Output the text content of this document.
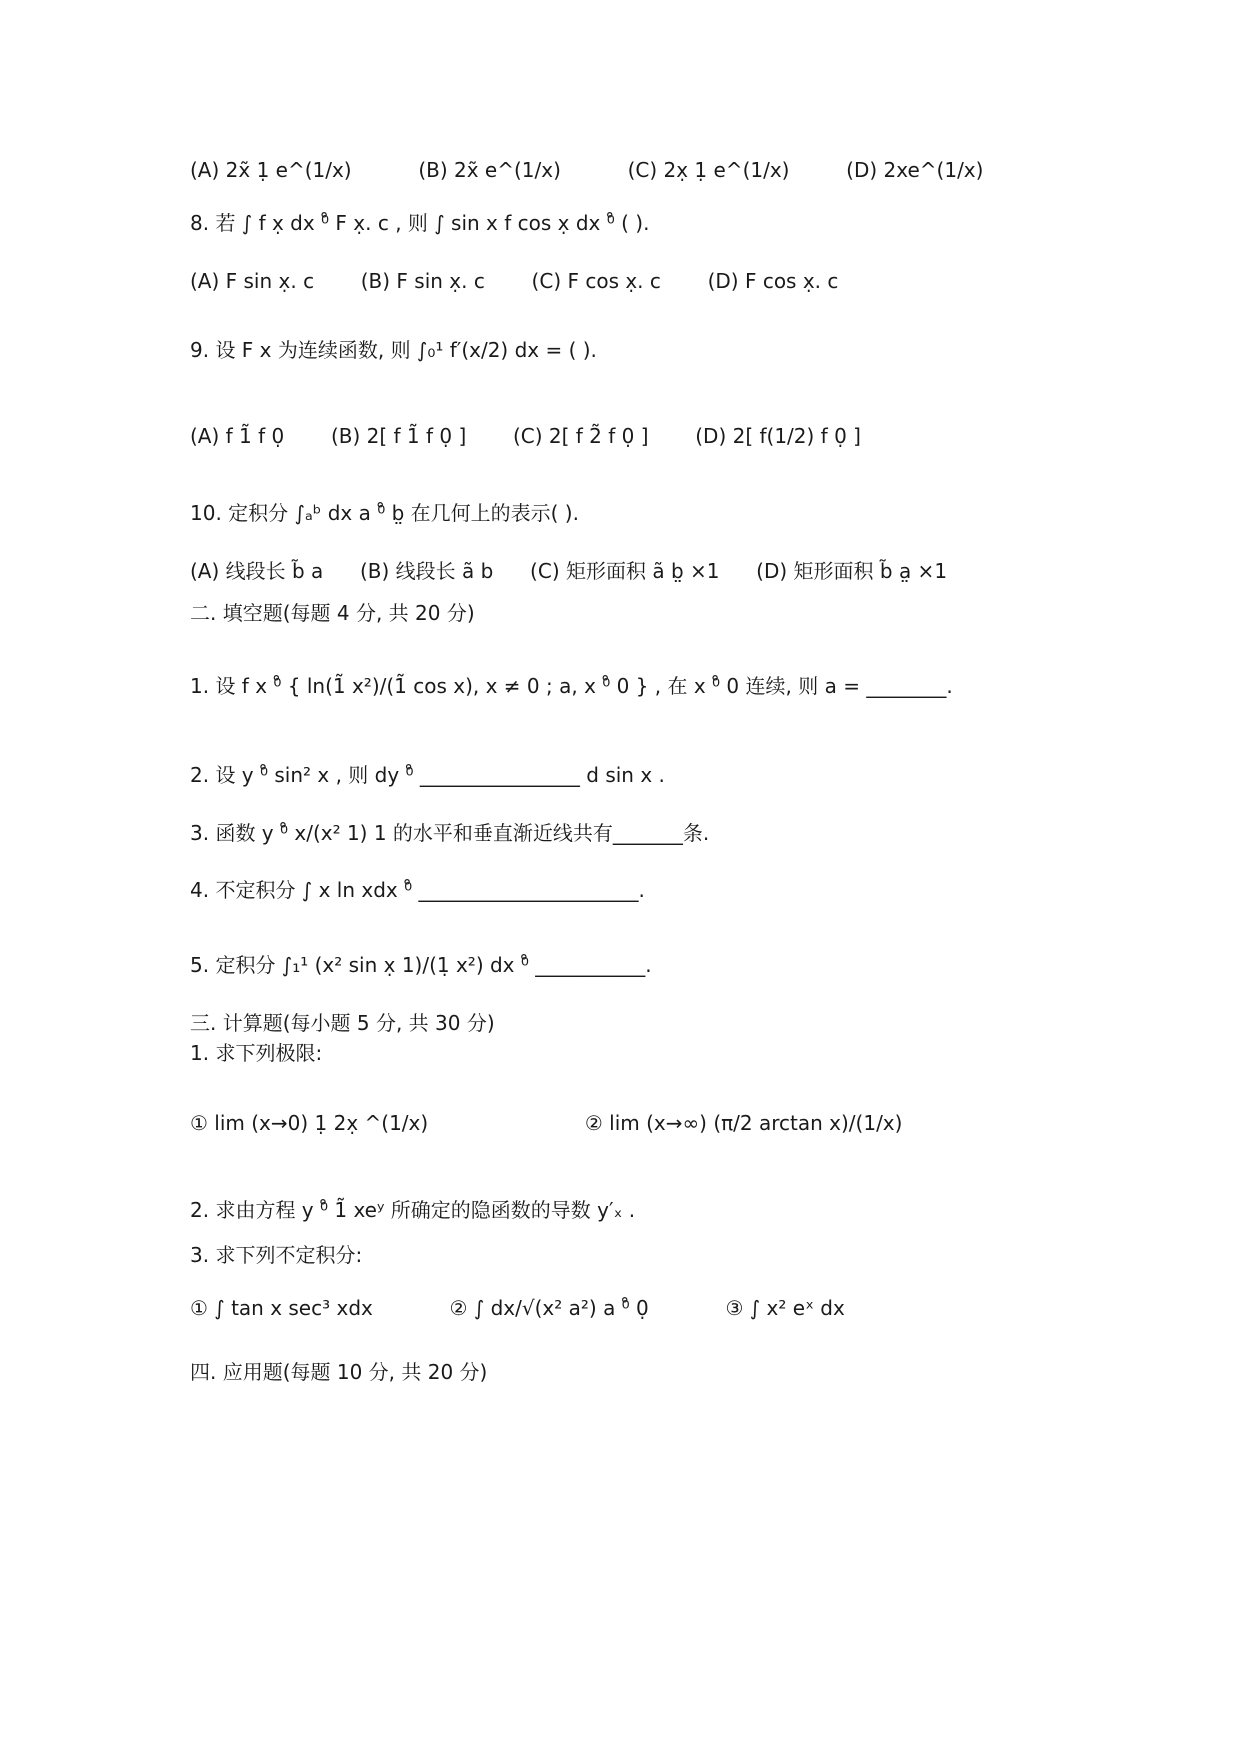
(A) 2x̃ 1̣ e^(1/x)	(B) 2x̃ e^(1/x)	(C) 2x̣ 1̣ e^(1/x)	(D) 2xe^(1/x)
8. 若 ∫ f x̣ dx ⁰̊ F x̣. c , 则 ∫ sin x f cos x̣ dx ⁰̊ ( ).
(A) F sin x̣. c (B) F sin x̣. c (C) F cos x̣. c (D) F cos x̣. c
9. 设 F x 为连续函数, 则 ∫₀¹ f′(x/2) dx = ( ).
(A) f 1̃ f 0̣ (B) 2[ f 1̃ f 0̣ ] (C) 2[ f 2̃ f 0̣ ] (D) 2[ f(1/2) f 0̣ ]
10. 定积分 ∫ₐᵇ dx a ⁰̊ b̤ 在几何上的表示( ).
(A) 线段长 b̃ a (B) 线段长 ã b (C) 矩形面积 ã b̤ ×1 (D) 矩形面积 b̃ a̤ ×1
二. 填空题(每题 4 分, 共 20 分)
1. 设 f x ⁰̊ { ln(1̃ x²)/(1̃ cos x), x ≠ 0 ; a, x ⁰̊ 0 } , 在 x ⁰̊ 0 连续, 则 a = ________.
2. 设 y ⁰̊ sin² x , 则 dy ⁰̊ ________________ d sin x .
3. 函数 y ⁰̊ x/(x² 1) 1 的水平和垂直渐近线共有_______条.
4. 不定积分 ∫ x ln xdx ⁰̊ ______________________.
5. 定积分 ∫₁¹ (x² sin x̣ 1)/(1̣ x²) dx ⁰̊ ___________.
三. 计算题(每小题 5 分, 共 30 分)
1. 求下列极限:
① lim (x→0) 1̣ 2x̣ ^(1/x)	② lim (x→∞) (π/2 arctan x)/(1/x)
2. 求由方程 y ⁰̊ 1̃ xeʸ 所确定的隐函数的导数 y′ₓ .
3. 求下列不定积分:
① ∫ tan x sec³ xdx	② ∫ dx/√(x² a²) a ⁰̊ 0̣	③ ∫ x² eˣ dx
四. 应用题(每题 10 分, 共 20 分)
